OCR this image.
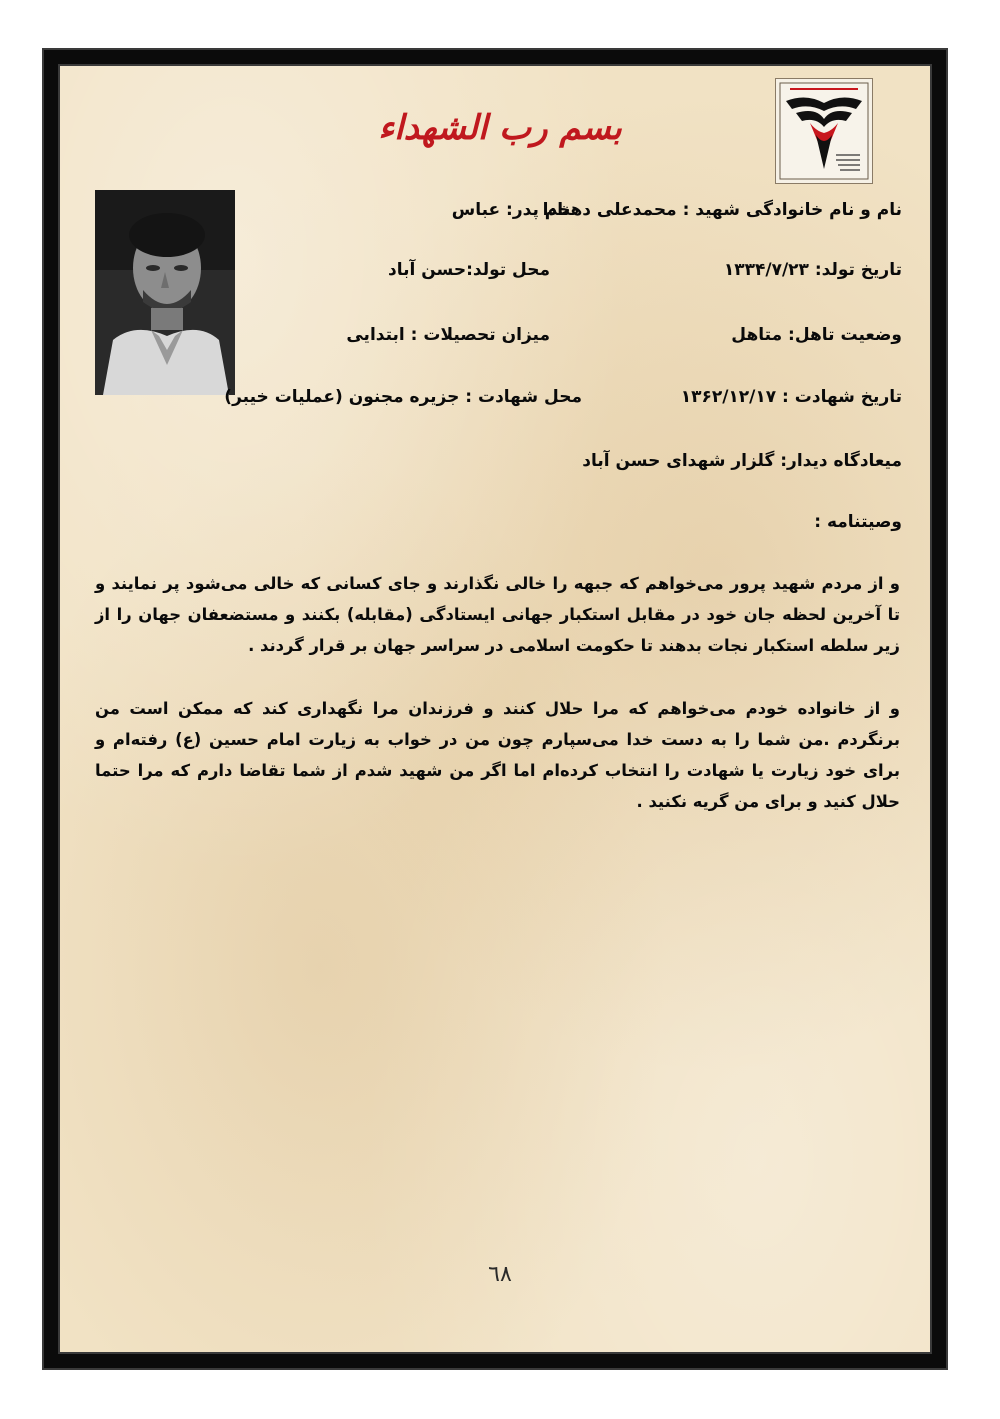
بسم رب الشهداء
نام و نام خانوادگی شهید : محمدعلی دهخدا
نام پدر: عباس
تاریخ تولد: ۱۳۳۴/۷/۲۳
محل تولد:حسن آباد
وضعیت تاهل: متاهل
میزان تحصیلات : ابتدایی
تاریخ شهادت : ۱۳۶۲/۱۲/۱۷
محل شهادت : جزیره مجنون (عملیات خیبر)
میعادگاه دیدار: گلزار شهدای حسن آباد
وصیتنامه :
و از مردم شهید پرور می‌خواهم که جبهه را خالی نگذارند و جای کسانی که خالی می‌شود پر نمایند و تا آخرین لحظه جان خود در مقابل استکبار جهانی ایستادگی (مقابله) بکنند و مستضعفان جهان را از زیر سلطه استکبار نجات بدهند تا حکومت اسلامی در سراسر جهان بر قرار گردند .
و از خانواده خودم می‌خواهم که مرا حلال کنند و فرزندان مرا نگهداری کند که ممکن است من برنگردم .من شما را به دست خدا می‌سپارم چون من در خواب به زیارت امام حسین (ع) رفته‌ام و برای خود زیارت یا شهادت را انتخاب کرده‌ام اما اگر من شهید شدم از شما تقاضا دارم که مرا حتما حلال کنید و برای من گریه نکنید .
٦٨
